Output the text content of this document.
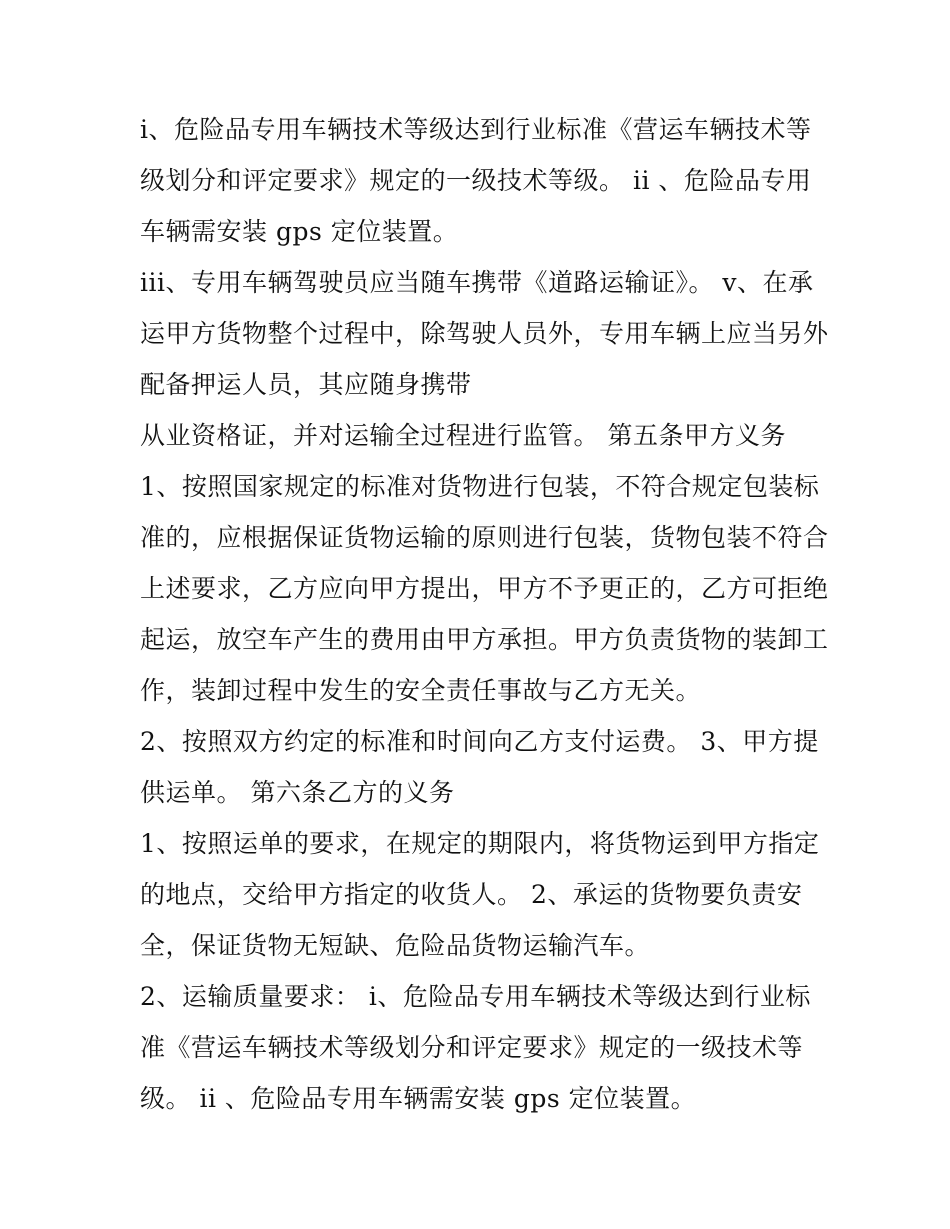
i、危险品专用车辆技术等级达到行业标准《营运车辆技术等
级划分和评定要求》规定的一级技术等级。 ii 、危险品专用
车辆需安装 gps 定位装置。
iii、专用车辆驾驶员应当随车携带《道路运输证》。 v、在承
运甲方货物整个过程中，除驾驶人员外，专用车辆上应当另外
配备押运人员，其应随身携带
从业资格证，并对运输全过程进行监管。 第五条甲方义务
1、按照国家规定的标准对货物进行包装，不符合规定包装标
准的，应根据保证货物运输的原则进行包装，货物包装不符合
上述要求，乙方应向甲方提出，甲方不予更正的，乙方可拒绝
起运，放空车产生的费用由甲方承担。甲方负责货物的装卸工
作，装卸过程中发生的安全责任事故与乙方无关。
2、按照双方约定的标准和时间向乙方支付运费。 3、甲方提
供运单。 第六条乙方的义务
1、按照运单的要求，在规定的期限内，将货物运到甲方指定
的地点，交给甲方指定的收货人。 2、承运的货物要负责安
全，保证货物无短缺、危险品货物运输汽车。
2、运输质量要求： i、危险品专用车辆技术等级达到行业标
准《营运车辆技术等级划分和评定要求》规定的一级技术等
级。 ii 、危险品专用车辆需安装 gps 定位装置。
